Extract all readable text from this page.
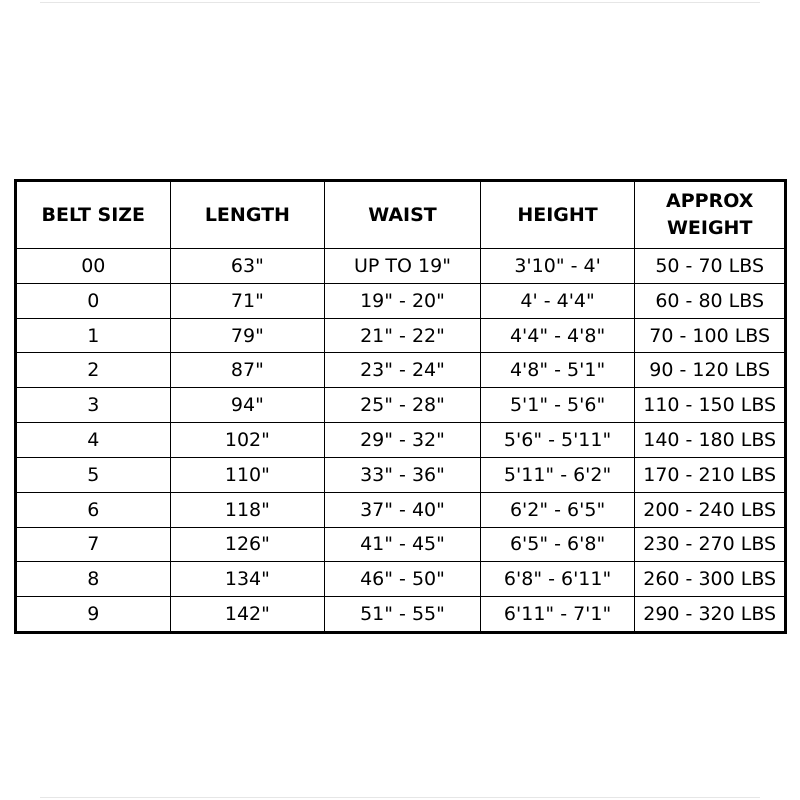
BELT SIZE	LENGTH	WAIST	HEIGHT	APPROX
WEIGHT

00	63"	UP TO 19"	3'10" - 4'	50 - 70 LBS
0	71"	19" - 20"	4' - 4'4"	60 - 80 LBS
1	79"	21" - 22"	4'4" - 4'8"	70 - 100 LBS
2	87"	23" - 24"	4'8" - 5'1"	90 - 120 LBS
3	94"	25" - 28"	5'1" - 5'6"	110 - 150 LBS
4	102"	29" - 32"	5'6" - 5'11"	140 - 180 LBS
5	110"	33" - 36"	5'11" - 6'2"	170 - 210 LBS
6	118"	37" - 40"	6'2" - 6'5"	200 - 240 LBS
7	126"	41" - 45"	6'5" - 6'8"	230 - 270 LBS
8	134"	46" - 50"	6'8" - 6'11"	260 - 300 LBS
9	142"	51" - 55"	6'11" - 7'1"	290 - 320 LBS
